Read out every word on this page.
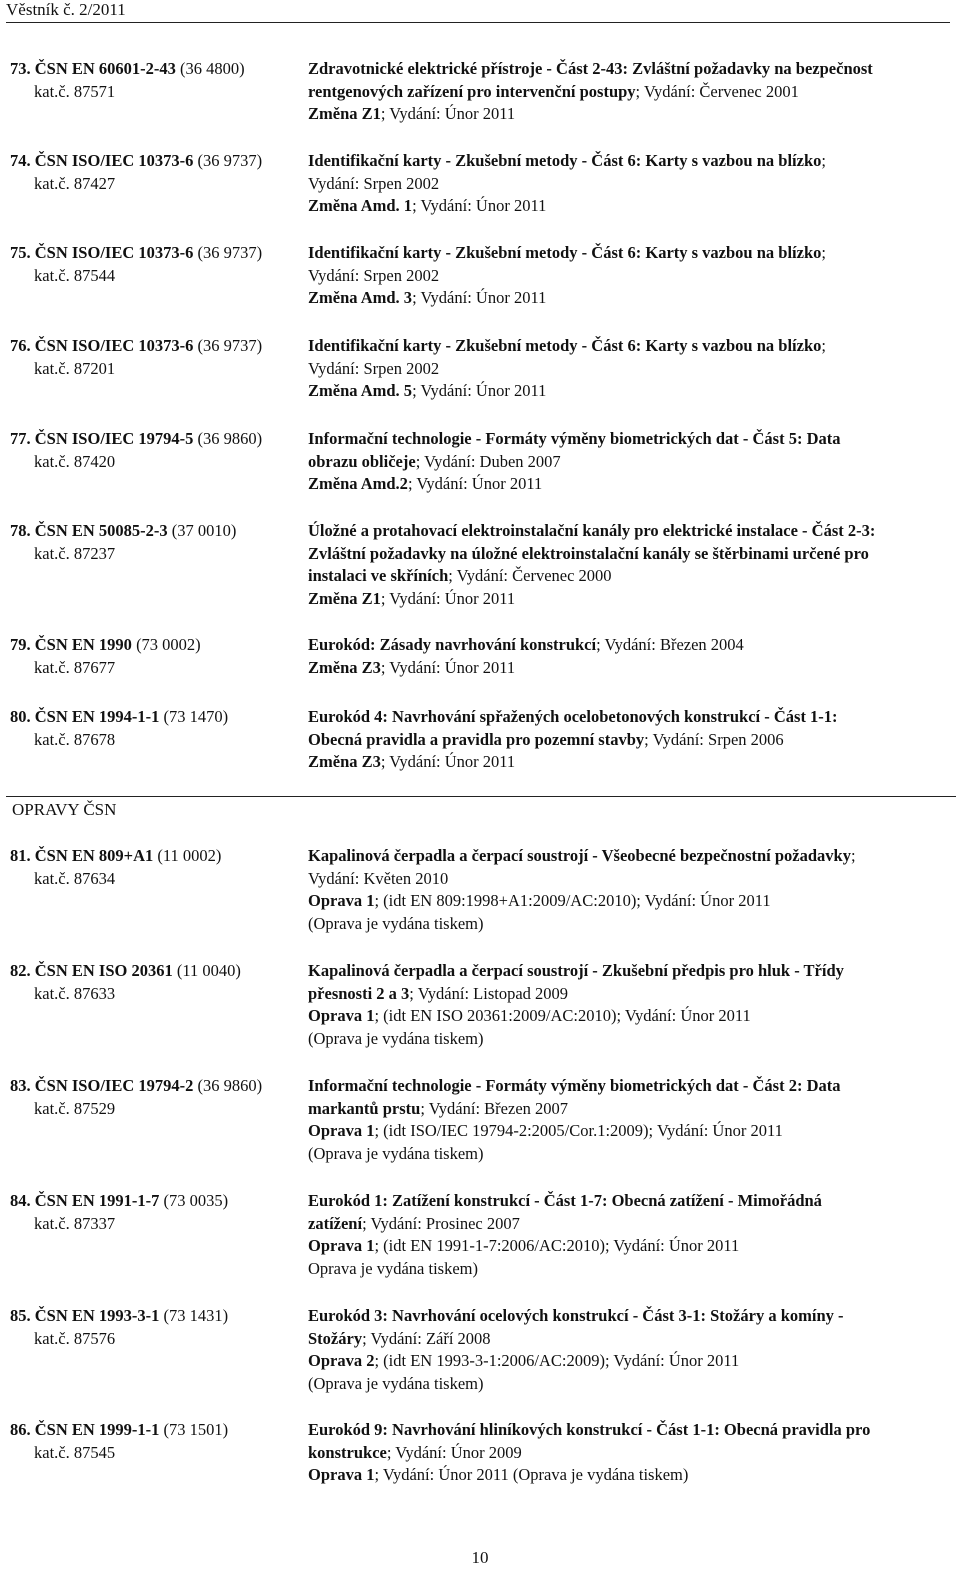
Věstník č. 2/2011
73. ČSN EN 60601-2-43 (36 4800)
kat.č. 87571
Zdravotnické elektrické přístroje - Část 2-43: Zvláštní požadavky na bezpečnost
rentgenových zařízení pro intervenční postupy; Vydání: Červenec 2001
Změna Z1; Vydání: Únor 2011
74. ČSN ISO/IEC 10373-6 (36 9737)
kat.č. 87427
Identifikační karty - Zkušební metody - Část 6: Karty s vazbou na blízko;
Vydání: Srpen 2002
Změna Amd. 1; Vydání: Únor 2011
75. ČSN ISO/IEC 10373-6 (36 9737)
kat.č. 87544
Identifikační karty - Zkušební metody - Část 6: Karty s vazbou na blízko;
Vydání: Srpen 2002
Změna Amd. 3; Vydání: Únor 2011
76. ČSN ISO/IEC 10373-6 (36 9737)
kat.č. 87201
Identifikační karty - Zkušební metody - Část 6: Karty s vazbou na blízko;
Vydání: Srpen 2002
Změna Amd. 5; Vydání: Únor 2011
77. ČSN ISO/IEC 19794-5 (36 9860)
kat.č. 87420
Informační technologie - Formáty výměny biometrických dat - Část 5: Data
obrazu obličeje; Vydání: Duben 2007
Změna Amd.2; Vydání: Únor 2011
78. ČSN EN 50085-2-3 (37 0010)
kat.č. 87237
Úložné a protahovací elektroinstalační kanály pro elektrické instalace - Část 2-3:
Zvláštní požadavky na úložné elektroinstalační kanály se štěrbinami určené pro
instalaci ve skříních; Vydání: Červenec 2000
Změna Z1; Vydání: Únor 2011
79. ČSN EN 1990 (73 0002)
kat.č. 87677
Eurokód: Zásady navrhování konstrukcí; Vydání: Březen 2004
Změna Z3; Vydání: Únor 2011
80. ČSN EN 1994-1-1 (73 1470)
kat.č. 87678
Eurokód 4: Navrhování spřažených ocelobetonových konstrukcí - Část 1-1:
Obecná pravidla a pravidla pro pozemní stavby; Vydání: Srpen 2006
Změna Z3; Vydání: Únor 2011
81. ČSN EN 809+A1 (11 0002)
kat.č. 87634
Kapalinová čerpadla a čerpací soustrojí - Všeobecné bezpečnostní požadavky;
Vydání: Květen 2010
Oprava 1; (idt EN 809:1998+A1:2009/AC:2010); Vydání: Únor 2011
(Oprava je vydána tiskem)
82. ČSN EN ISO 20361 (11 0040)
kat.č. 87633
Kapalinová čerpadla a čerpací soustrojí - Zkušební předpis pro hluk - Třídy
přesnosti 2 a 3; Vydání: Listopad 2009
Oprava 1; (idt EN ISO 20361:2009/AC:2010); Vydání: Únor 2011
(Oprava je vydána tiskem)
83. ČSN ISO/IEC 19794-2 (36 9860)
kat.č. 87529
Informační technologie - Formáty výměny biometrických dat - Část 2: Data
markantů prstu; Vydání: Březen 2007
Oprava 1; (idt ISO/IEC 19794-2:2005/Cor.1:2009); Vydání: Únor 2011
(Oprava je vydána tiskem)
84. ČSN EN 1991-1-7 (73 0035)
kat.č. 87337
Eurokód 1: Zatížení konstrukcí - Část 1-7: Obecná zatížení - Mimořádná
zatížení; Vydání: Prosinec 2007
Oprava 1; (idt EN 1991-1-7:2006/AC:2010); Vydání: Únor 2011
Oprava je vydána tiskem)
85. ČSN EN 1993-3-1 (73 1431)
kat.č. 87576
Eurokód 3: Navrhování ocelových konstrukcí - Část 3-1: Stožáry a komíny -
Stožáry; Vydání: Září 2008
Oprava 2; (idt EN 1993-3-1:2006/AC:2009); Vydání: Únor 2011
(Oprava je vydána tiskem)
86. ČSN EN 1999-1-1 (73 1501)
kat.č. 87545
Eurokód 9: Navrhování hliníkových konstrukcí - Část 1-1: Obecná pravidla pro
konstrukce; Vydání: Únor 2009
Oprava 1; Vydání: Únor 2011 (Oprava je vydána tiskem)
OPRAVY ČSN
10
